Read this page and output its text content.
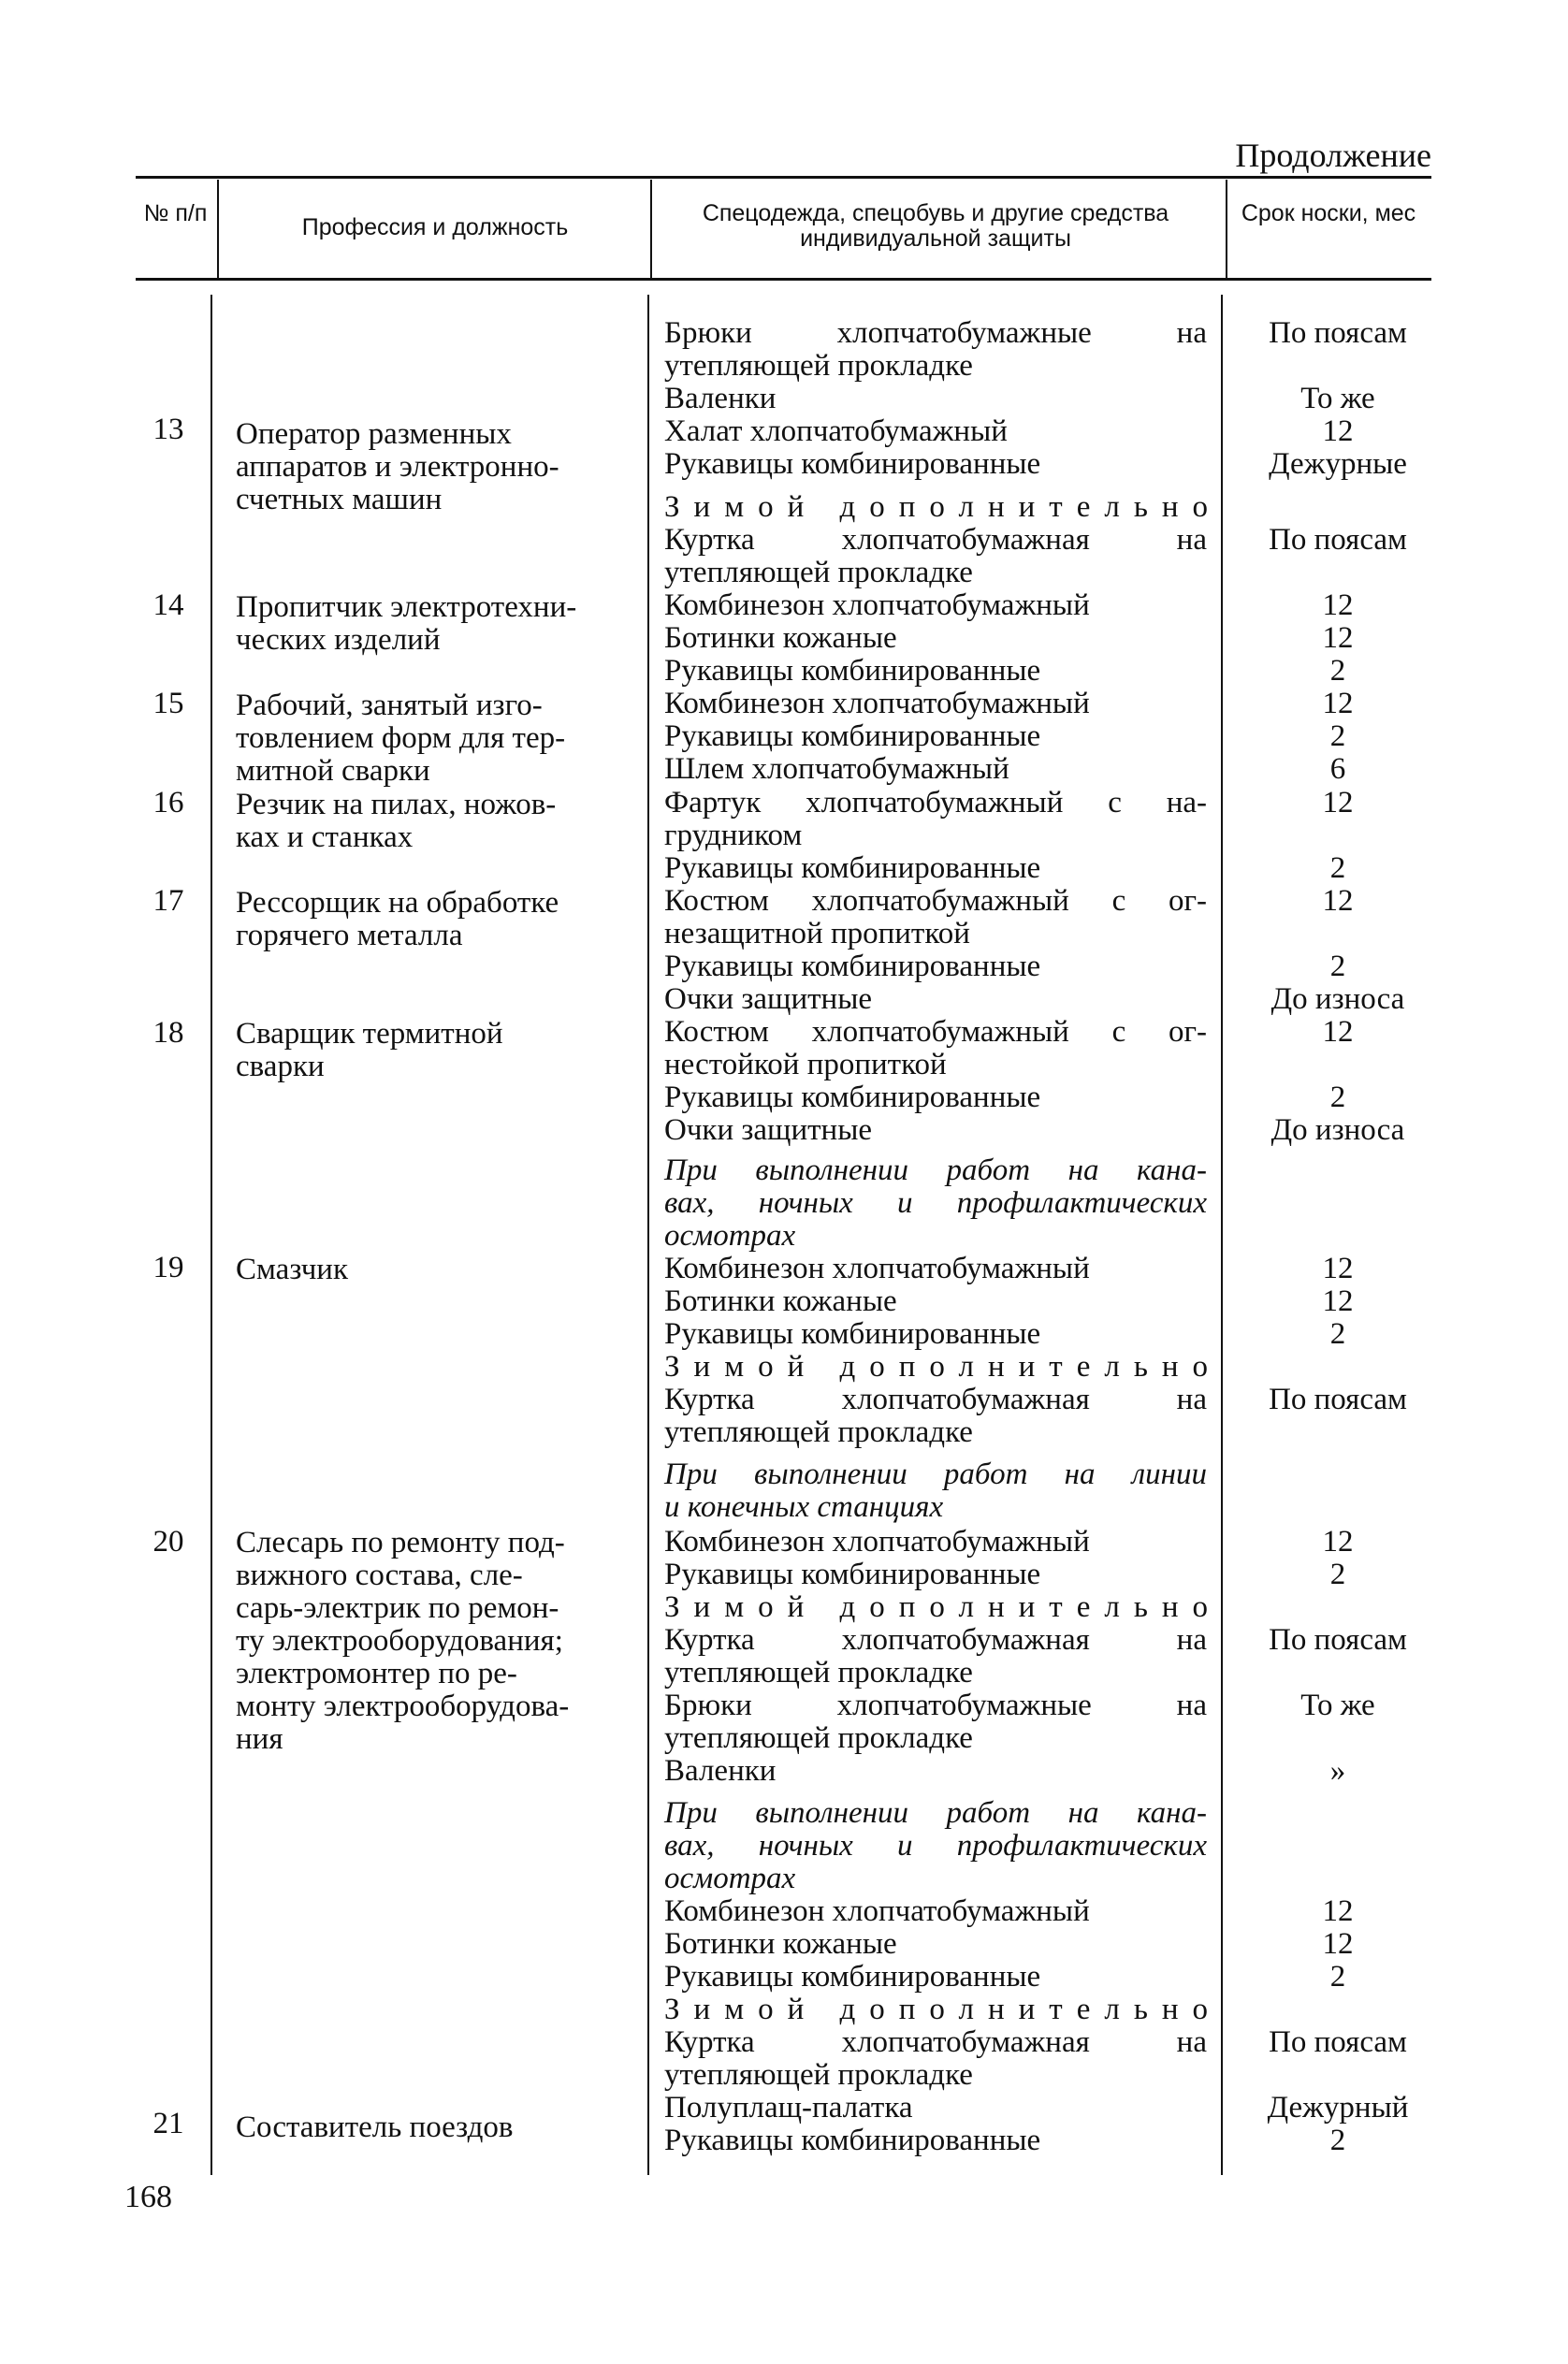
Продолжение
№ п/п
Профессия и должность
Спецодежда, спецобувь и другие средства индивидуальной защиты
Срок носки, мес
13
14
15
16
17
18
19
20
21
Оператор разменных
аппаратов и электронно-
счетных машин
Пропитчик электротехни-
ческих изделий
Рабочий, занятый изго-
товлением форм для тер-
митной сварки
Резчик на пилах, ножов-
ках и станках
Рессорщик на обработке
горячего металла
Сварщик термитной
сварки
Смазчик
Слесарь по ремонту под-
вижного состава, сле-
сарь-электрик по ремон-
ту электрооборудования;
электромонтер по ре-
монту электрооборудова-
ния
Составитель поездов
Брюки хлопчатобумажные на
утепляющей прокладке
Валенки
Халат хлопчатобумажный
Рукавицы комбинированные
Зимой дополнительно
Куртка хлопчатобумажная на
утепляющей прокладке
Комбинезон хлопчатобумажный
Ботинки кожаные
Рукавицы комбинированные
Комбинезон хлопчатобумажный
Рукавицы комбинированные
Шлем хлопчатобумажный
Фартук хлопчатобумажный с на-
грудником
Рукавицы комбинированные
Костюм хлопчатобумажный с ог-
незащитной пропиткой
Рукавицы комбинированные
Очки защитные
Костюм хлопчатобумажный с ог-
нестойкой пропиткой
Рукавицы комбинированные
Очки защитные
При выполнении работ на кана-
вах, ночных и профилактических
осмотрах
Комбинезон хлопчатобумажный
Ботинки кожаные
Рукавицы комбинированные
Зимой дополнительно
Куртка хлопчатобумажная на
утепляющей прокладке
При выполнении работ на линии
и конечных станциях
Комбинезон хлопчатобумажный
Рукавицы комбинированные
Зимой дополнительно
Куртка хлопчатобумажная на
утепляющей прокладке
Брюки хлопчатобумажные на
утепляющей прокладке
Валенки
При выполнении работ на кана-
вах, ночных и профилактических
осмотрах
Комбинезон хлопчатобумажный
Ботинки кожаные
Рукавицы комбинированные
Зимой дополнительно
Куртка хлопчатобумажная на
утепляющей прокладке
Полуплащ-палатка
Рукавицы комбинированные
По поясам
То же
12
Дежурные
По поясам
12
12
2
12
2
6
12
2
12
2
До износа
12
2
До износа
12
12
2
По поясам
12
2
По поясам
То же
»
12
12
2
По поясам
Дежурный
2
168
